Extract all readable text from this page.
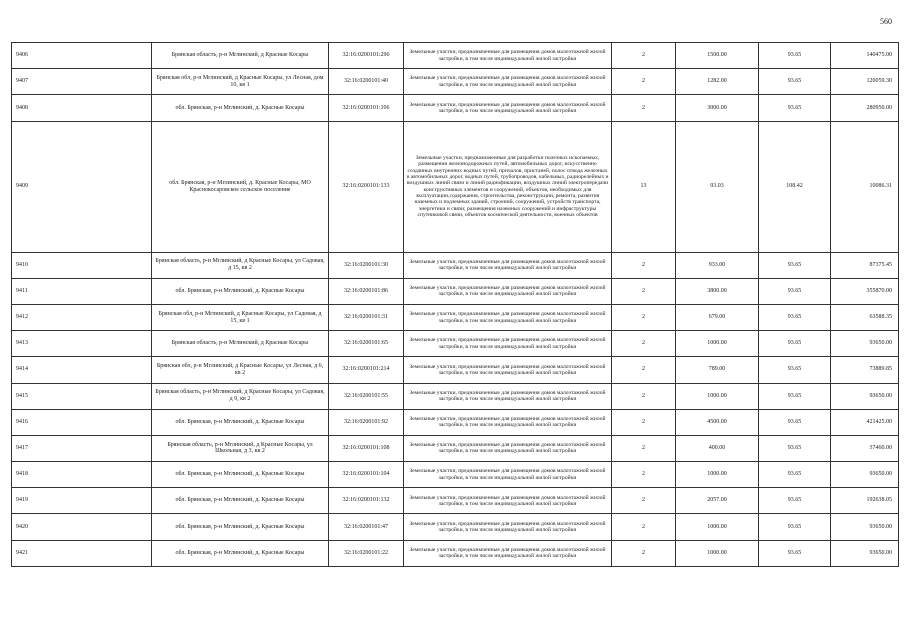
560
9406	Брянская область, р-н Мглинский, д Красные Косары	32:16:0200101:296	Земельные участки, предназначенные для размещения домов малоэтажной жилой застройки, в том числе индивидуальной жилой застройки	2	1500.00	93.65	140475.00
9407	Брянская обл, р-н Мглинский, д Красные Косары, ул Лесная, дом 10, кв 1	32:16:0200101:40	Земельные участки, предназначенные для размещения домов малоэтажной жилой застройки, в том числе индивидуальной жилой застройки	2	1282.00	93.65	120059.30
9408	обл. Брянская, р-н Мглинский, д. Красные Косары	32:16:0200101:106	Земельные участки, предназначенные для размещения домов малоэтажной жилой застройки, в том числе индивидуальной жилой застройки	2	3000.00	93.65	280950.00
9409	обл. Брянская, р-н Мглинский, д. Красные Косары, МО Краснокосаровское сельское поселение	32:16:0200101:133	Земельные участки, предназначенные для разработки полезных ископаемых, размещения железнодорожных путей, автомобильных дорог, искусственно созданных внутренних водных путей, причалов, пристаней, полос отвода железных и автомобильных дорог, водных путей, трубопроводов, кабельных, радиорелейных и воздушных линий связи и линий радиофикации, воздушных линий электропередачи конструктивных элементов и сооружений, объектов, необходимых для эксплуатации,содержания, строительства, реконструкции, ремонта, развития наземных и подземных зданий, строений, сооружений, устройств транспорта, энергетики и связи; размещения наземных сооружений и инфраструктуры спутниковой связи, объектов космической деятельности, военных объектов	13	93.03	108.42	10086.31
9410	Брянская область, р-н Мглинский, д Красные Косары, ул Садовая, д 15, кв 2	32:16:0200101:30	Земельные участки, предназначенные для размещения домов малоэтажной жилой застройки, в том числе индивидуальной жилой застройки	2	933.00	93.65	87375.45
9411	обл. Брянская, р-н Мглинский, д. Красные Косары	32:16:0200101:86	Земельные участки, предназначенные для размещения домов малоэтажной жилой застройки, в том числе индивидуальной жилой застройки	2	3800.00	93.65	355870.00
9412	Брянская обл, р-н Мглинский, д Красные Косары, ул Садовая, д 15, кв 1	32:16:0200101:31	Земельные участки, предназначенные для размещения домов малоэтажной жилой застройки, в том числе индивидуальной жилой застройки	2	679.00	93.65	63588.35
9413	Брянская область, р-н Мглинский, д Красные Косары	32:16:0200101:65	Земельные участки, предназначенные для размещения домов малоэтажной жилой застройки, в том числе индивидуальной жилой застройки	2	1000.00	93.65	93650.00
9414	Брянская обл, р-н Мглинский, д Красные Косары, ул Лесная, д 6, кв 2	32:16:0200101:214	Земельные участки, предназначенные для размещения домов малоэтажной жилой застройки, в том числе индивидуальной жилой застройки	2	789.00	93.65	73889.85
9415	Брянская область, р-н Мглинский, д Красные Косары, ул Садовая, д 9, кв 2	32:16:0200101:55	Земельные участки, предназначенные для размещения домов малоэтажной жилой застройки, в том числе индивидуальной жилой застройки	2	1000.00	93.65	93650.00
9416	обл. Брянская, р-н Мглинский, д. Красные Косары	32:16:0200101:92	Земельные участки, предназначенные для размещения домов малоэтажной жилой застройки, в том числе индивидуальной жилой застройки	2	4500.00	93.65	421425.00
9417	Брянская область, р-н Мглинский, д Красные Косары, ул Школьная, д 3, кв 2	32:16:0200101:108	Земельные участки, предназначенные для размещения домов малоэтажной жилой застройки, в том числе индивидуальной жилой застройки	2	400.00	93.65	37460.00
9418	обл. Брянская, р-н Мглинский, д. Красные Косары	32:16:0200101:104	Земельные участки, предназначенные для размещения домов малоэтажной жилой застройки, в том числе индивидуальной жилой застройки	2	1000.00	93.65	93650.00
9419	обл. Брянская, р-н Мглинский, д. Красные Косары	32:16:0200101:132	Земельные участки, предназначенные для размещения домов малоэтажной жилой застройки, в том числе индивидуальной жилой застройки	2	2057.00	93.65	192638.05
9420	обл. Брянская, р-н Мглинский, д. Красные Косары	32:16:0200101:47	Земельные участки, предназначенные для размещения домов малоэтажной жилой застройки, в том числе индивидуальной жилой застройки	2	1000.00	93.65	93650.00
9421	обл. Брянская, р-н Мглинский, д. Красные Косары	32:16:0200101:22	Земельные участки, предназначенные для размещения домов малоэтажной жилой застройки, в том числе индивидуальной жилой застройки	2	1000.00	93.65	93650.00
